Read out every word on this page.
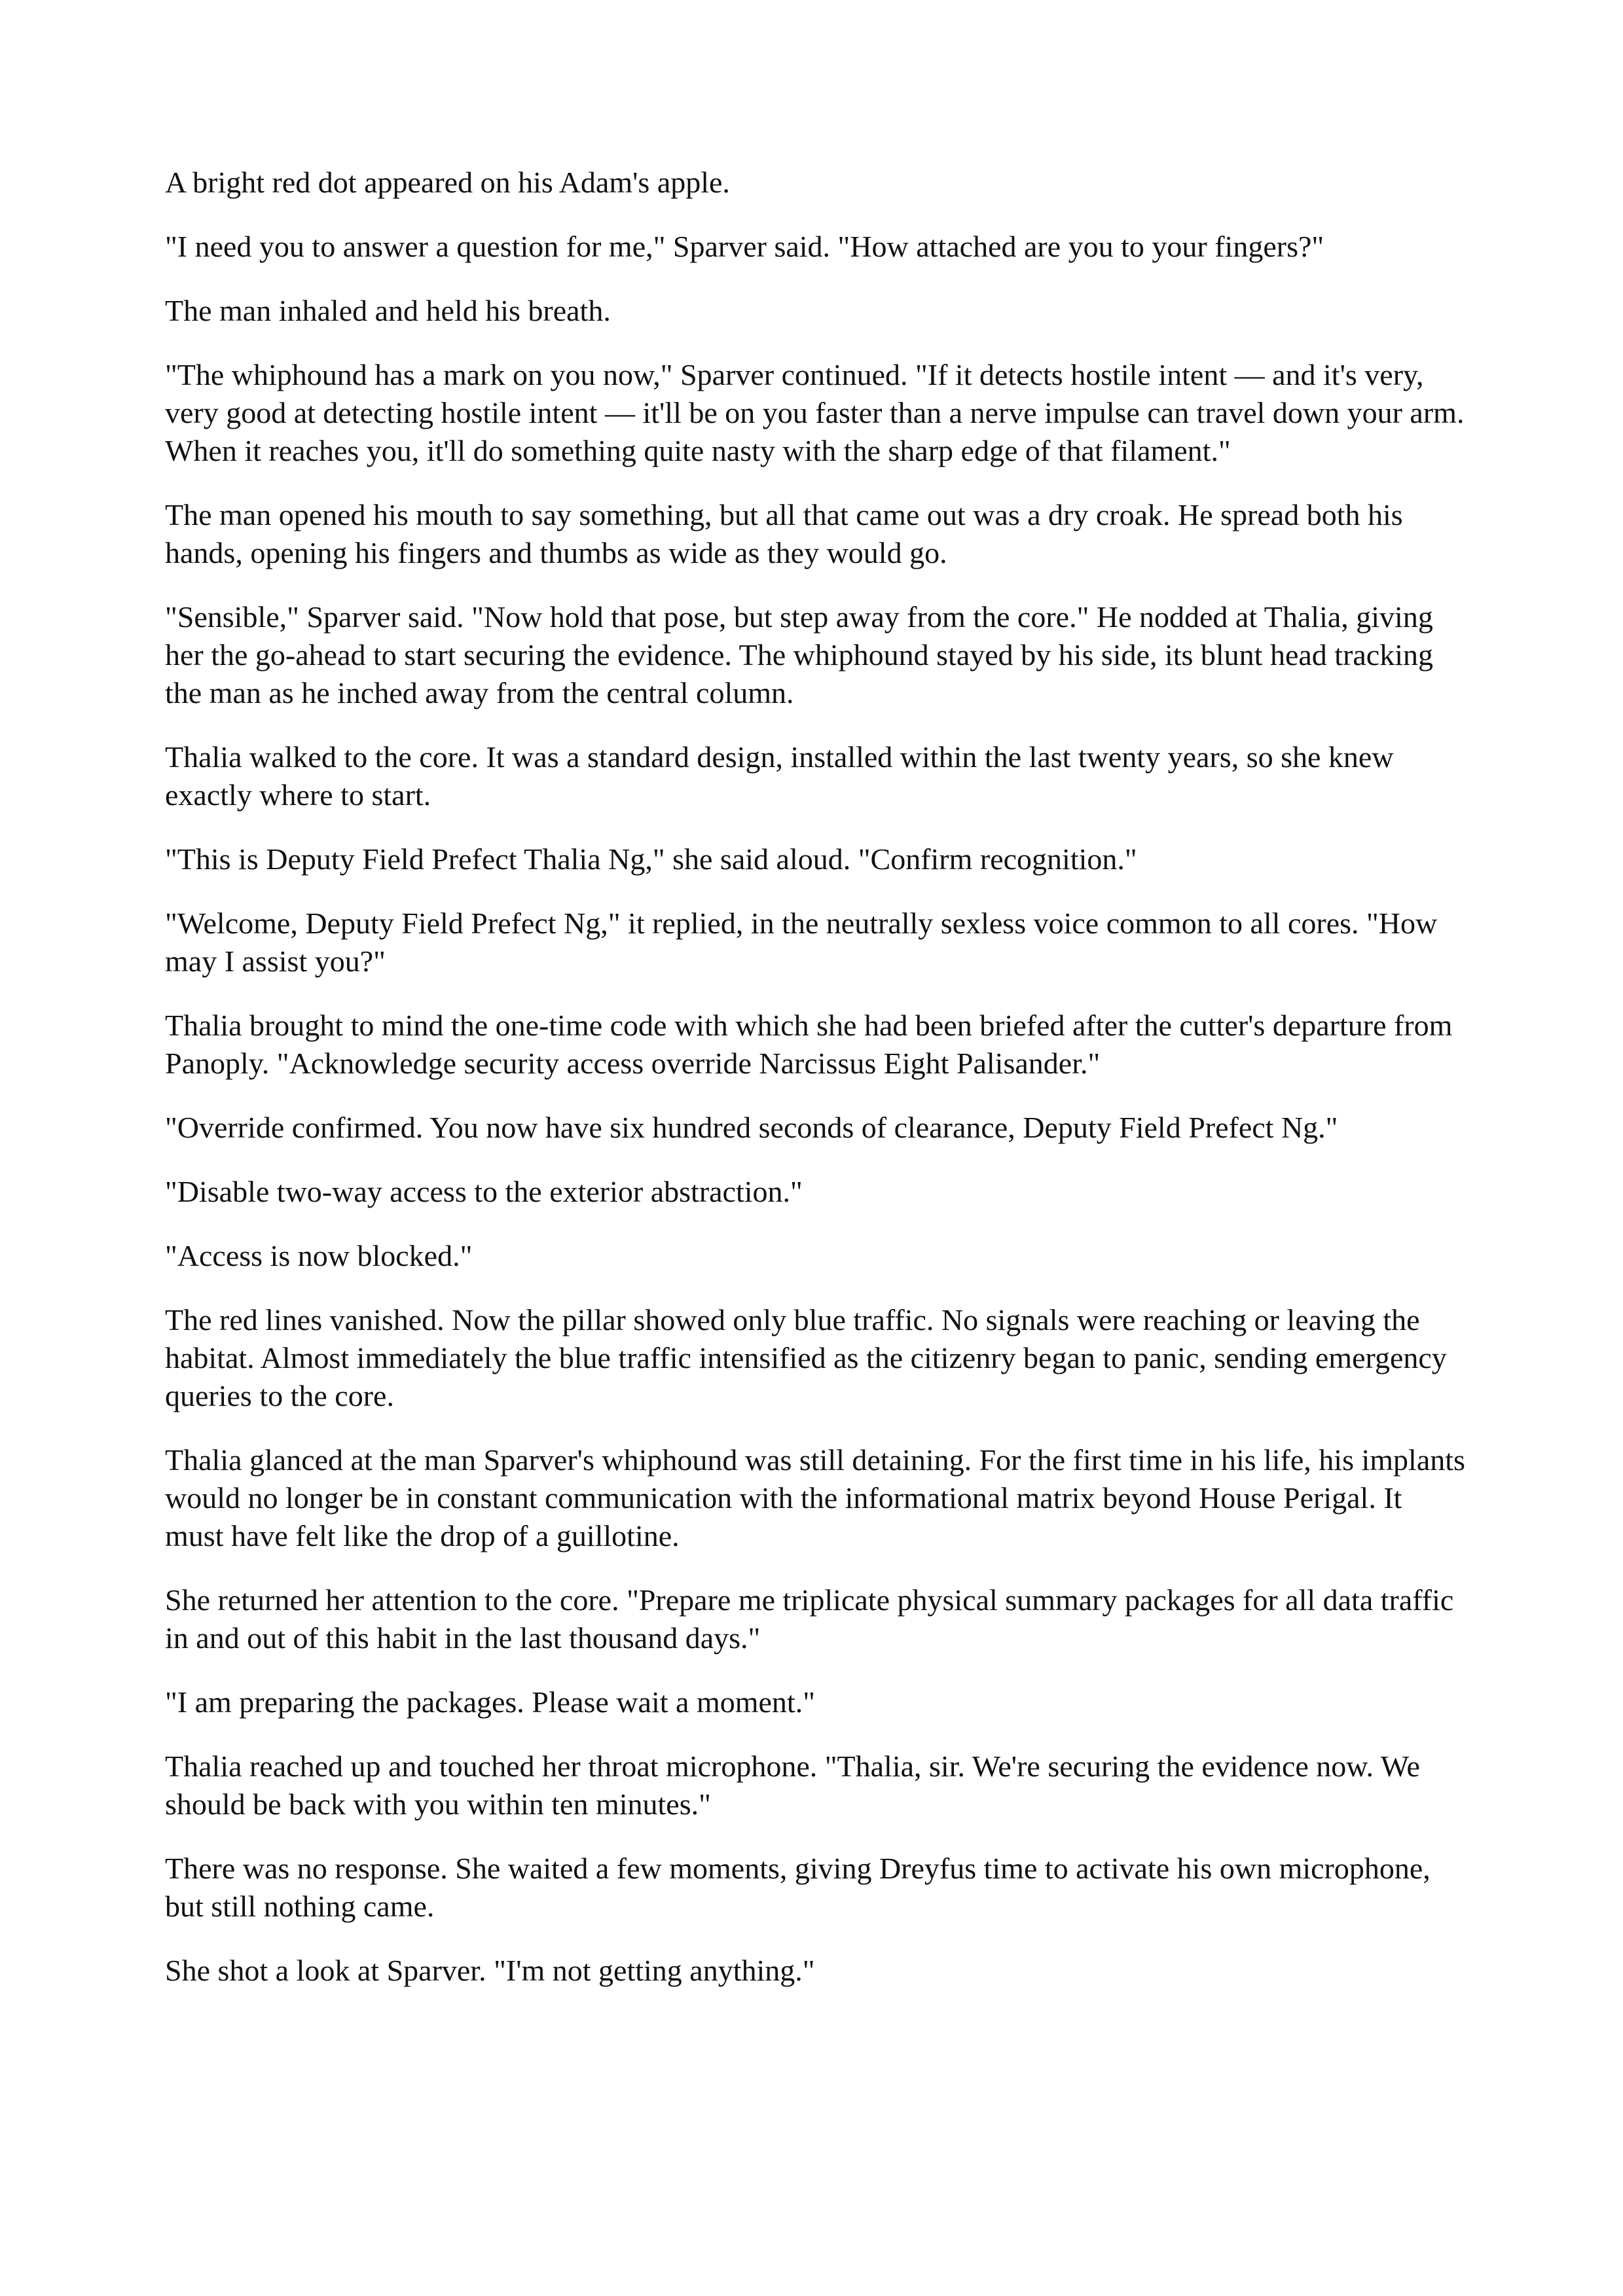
A bright red dot appeared on his Adam's apple.

"I need you to answer a question for me," Sparver said. "How attached are you to your fingers?"

The man inhaled and held his breath.

"The whiphound has a mark on you now," Sparver continued. "If it detects hostile intent — and it's very, very good at detecting hostile intent — it'll be on you faster than a nerve impulse can travel down your arm. When it reaches you, it'll do something quite nasty with the sharp edge of that filament."

The man opened his mouth to say something, but all that came out was a dry croak. He spread both his hands, opening his fingers and thumbs as wide as they would go.

"Sensible," Sparver said. "Now hold that pose, but step away from the core." He nodded at Thalia, giving her the go-ahead to start securing the evidence. The whiphound stayed by his side, its blunt head tracking the man as he inched away from the central column.

Thalia walked to the core. It was a standard design, installed within the last twenty years, so she knew exactly where to start.

"This is Deputy Field Prefect Thalia Ng," she said aloud. "Confirm recognition."

"Welcome, Deputy Field Prefect Ng," it replied, in the neutrally sexless voice common to all cores. "How may I assist you?"

Thalia brought to mind the one-time code with which she had been briefed after the cutter's departure from Panoply. "Acknowledge security access override Narcissus Eight Palisander."

"Override confirmed. You now have six hundred seconds of clearance, Deputy Field Prefect Ng."

"Disable two-way access to the exterior abstraction."

"Access is now blocked."

The red lines vanished. Now the pillar showed only blue traffic. No signals were reaching or leaving the habitat. Almost immediately the blue traffic intensified as the citizenry began to panic, sending emergency queries to the core.

Thalia glanced at the man Sparver's whiphound was still detaining. For the first time in his life, his implants would no longer be in constant communication with the informational matrix beyond House Perigal. It must have felt like the drop of a guillotine.

She returned her attention to the core. "Prepare me triplicate physical summary packages for all data traffic in and out of this habit in the last thousand days."

"I am preparing the packages. Please wait a moment."

Thalia reached up and touched her throat microphone. "Thalia, sir. We're securing the evidence now. We should be back with you within ten minutes."

There was no response. She waited a few moments, giving Dreyfus time to activate his own microphone, but still nothing came.

She shot a look at Sparver. "I'm not getting anything."
